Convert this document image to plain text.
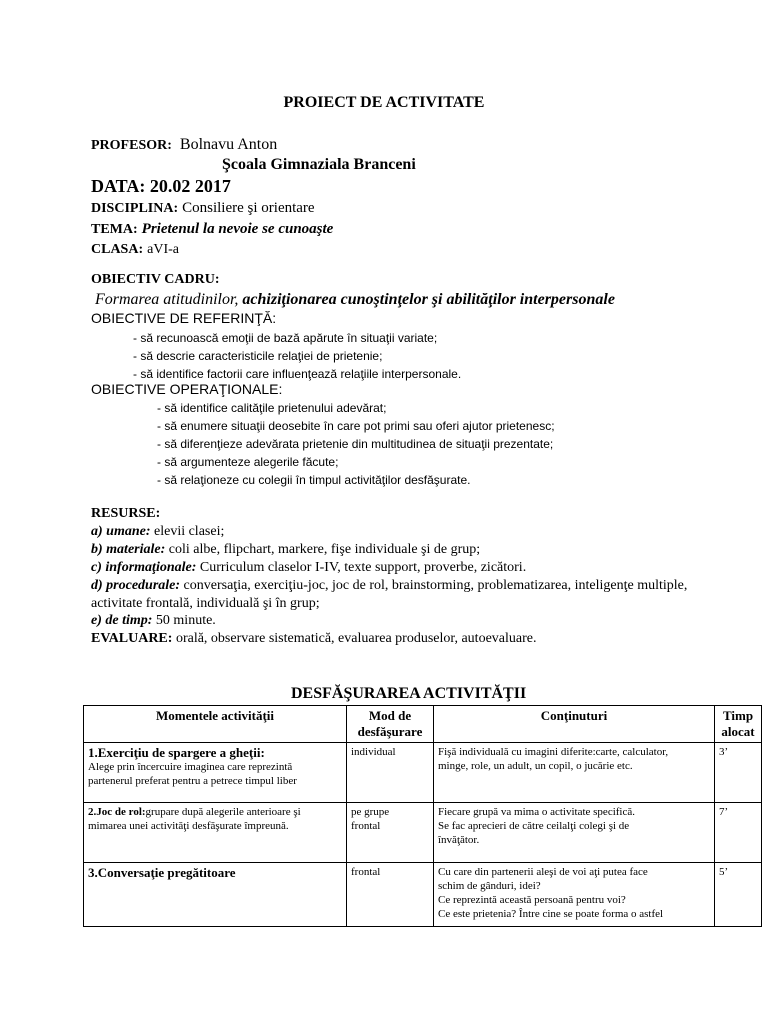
PROIECT DE ACTIVITATE
PROFESOR: Bolnavu Anton
Şcoala Gimnaziala Branceni
DATA: 20.02 2017
DISCIPLINA: Consiliere şi orientare
TEMA: Prietenul la nevoie se cunoaşte
CLASA: aVI-a
OBIECTIV CADRU:
Formarea atitudinilor, achiziţionarea cunoştinţelor şi abilităţilor interpersonale
OBIECTIVE DE REFERINŢĂ:
- să recunoască emoţii de bază apărute în situaţii variate;
- să descrie caracteristicile relaţiei de prietenie;
- să identifice factorii care influenţează relaţiile interpersonale.
OBIECTIVE OPERAŢIONALE:
- să identifice calităţile prietenului adevărat;
- să enumere situaţii deosebite în care pot primi sau oferi ajutor prietenesc;
- să diferenţieze adevărata prietenie din multitudinea de situaţii prezentate;
- să argumenteze alegerile făcute;
- să relaţioneze cu colegii în timpul activităţilor desfăşurate.
RESURSE:
a) umane: elevii clasei;
b) materiale: coli albe, flipchart, markere, fişe individuale şi de grup;
c) informaţionale: Curriculum claselor I-IV, texte support, proverbe, zicători.
d) procedurale: conversaţia, exerciţiu-joc, joc de rol, brainstorming, problematizarea, inteligenţe multiple,
activitate frontală, individuală şi în grup;
e) de timp: 50 minute.
EVALUARE: orală, observare sistematică, evaluarea produselor, autoevaluare.
DESFĂŞURAREA ACTIVITĂŢII
Momentele activităţii	Mod de
desfăşurare	Conţinuturi	Timp
alocat

1.Exerciţiu de spargere a gheţii:
Alege prin încercuire imaginea care reprezintă
partenerul preferat pentru a petrece timpul liber	individual	Fişă individuală cu imagini diferite:carte, calculator,
minge, role, un adult, un copil, o jucărie etc.	3’

2.Joc de rol:grupare după alegerile anterioare şi
mimarea unei activităţi desfăşurate împreună.	pe grupe
frontal	Fiecare grupă va mima o activitate specifică.
Se fac aprecieri de către ceilalţi colegi şi de
învăţător.	7’

3.Conversaţie pregătitoare	frontal	Cu care din partenerii aleşi de voi aţi putea face
schim de gânduri, idei?
Ce reprezintă această persoană pentru voi?
Ce este prietenia? Între cine se poate forma o astfel	5’
